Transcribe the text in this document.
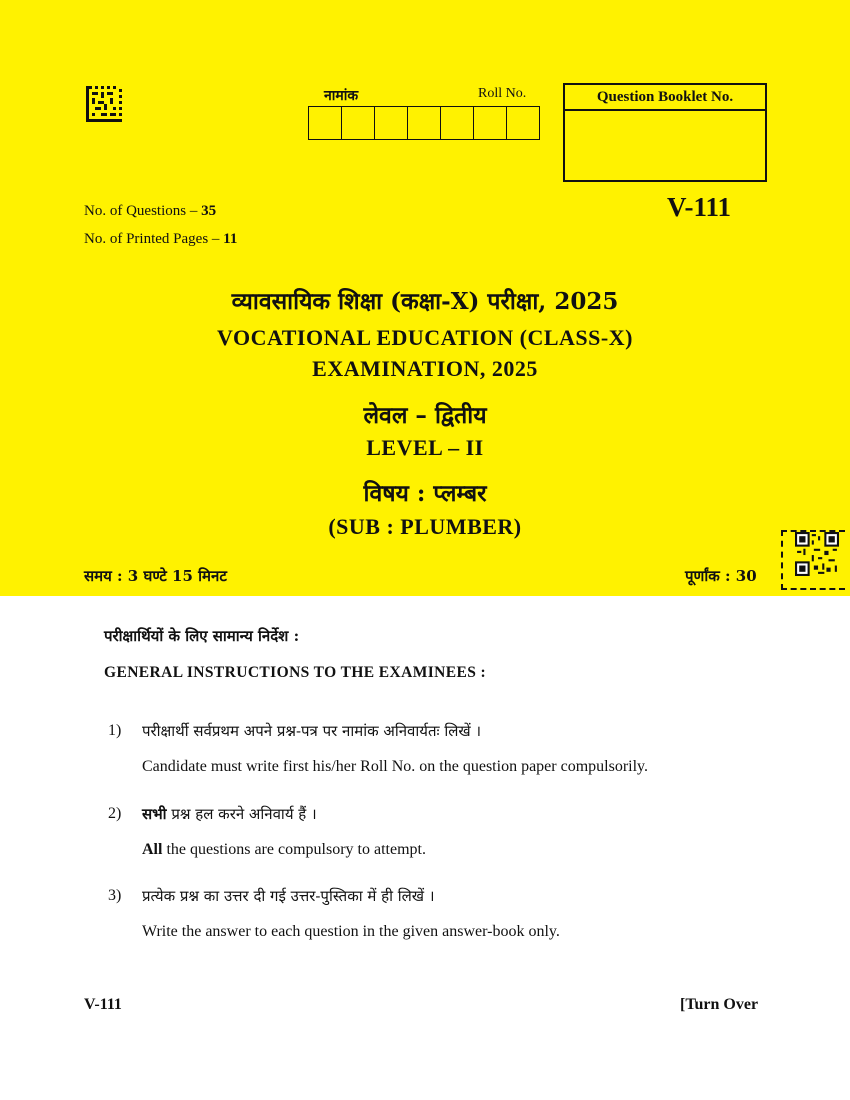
नामांक	Roll No.	Question Booklet No.
V-111
No. of Questions – 35
No. of Printed Pages – 11
व्यावसायिक शिक्षा (कक्षा-X) परीक्षा, 2025
VOCATIONAL EDUCATION (CLASS-X)
EXAMINATION, 2025
लेवल – द्वितीय
LEVEL – II
विषय : प्लम्बर
(SUB : PLUMBER)
समय : 3 घण्टे 15 मिनट	पूर्णांक : 30
परीक्षार्थियों के लिए सामान्य निर्देश :
GENERAL INSTRUCTIONS TO THE EXAMINEES :
1) परीक्षार्थी सर्वप्रथम अपने प्रश्न-पत्र पर नामांक अनिवार्यतः लिखें ।
Candidate must write first his/her Roll No. on the question paper compulsorily.
2) सभी प्रश्न हल करने अनिवार्य हैं ।
All the questions are compulsory to attempt.
3) प्रत्येक प्रश्न का उत्तर दी गई उत्तर-पुस्तिका में ही लिखें ।
Write the answer to each question in the given answer-book only.
V-111	[Turn Over
